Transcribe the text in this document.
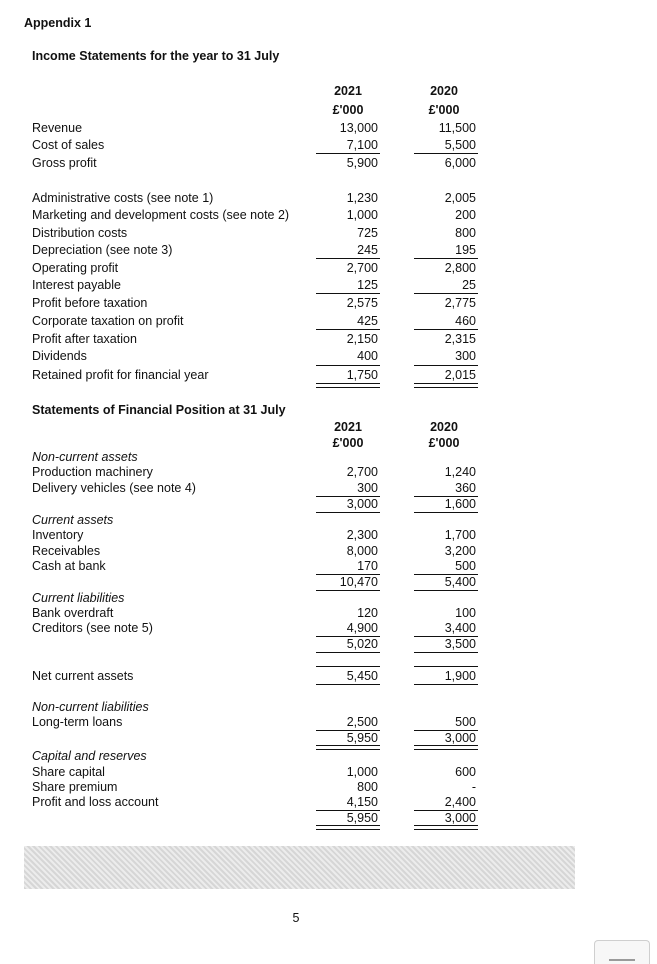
Appendix 1
Income Statements for the year to 31 July
2021	2020
£'000	£'000
Revenue	13,000	11,500
Cost of sales	7,100	5,500
Gross profit	5,900	6,000
Administrative costs (see note 1)	1,230	2,005
Marketing and development costs (see note 2)	1,000	200
Distribution costs	725	800
Depreciation (see note 3)	245	195
Operating profit	2,700	2,800
Interest payable	125	25
Profit before taxation	2,575	2,775
Corporate taxation on profit	425	460
Profit after taxation	2,150	2,315
Dividends	400	300
Retained profit for financial year	1,750	2,015
Statements of Financial Position at 31 July
2021	2020
£'000	£'000
Non-current assets
Production machinery	2,700	1,240
Delivery vehicles (see note 4)	300	360
3,000	1,600
Current assets
Inventory	2,300	1,700
Receivables	8,000	3,200
Cash at bank	170	500
10,470	5,400
Current liabilities
Bank overdraft	120	100
Creditors (see note 5)	4,900	3,400
5,020	3,500
Net current assets	5,450	1,900
Non-current liabilities
Long-term loans	2,500	500
5,950	3,000
Capital and reserves
Share capital	1,000	600
Share premium	800	-
Profit and loss account	4,150	2,400
5,950	3,000
5
